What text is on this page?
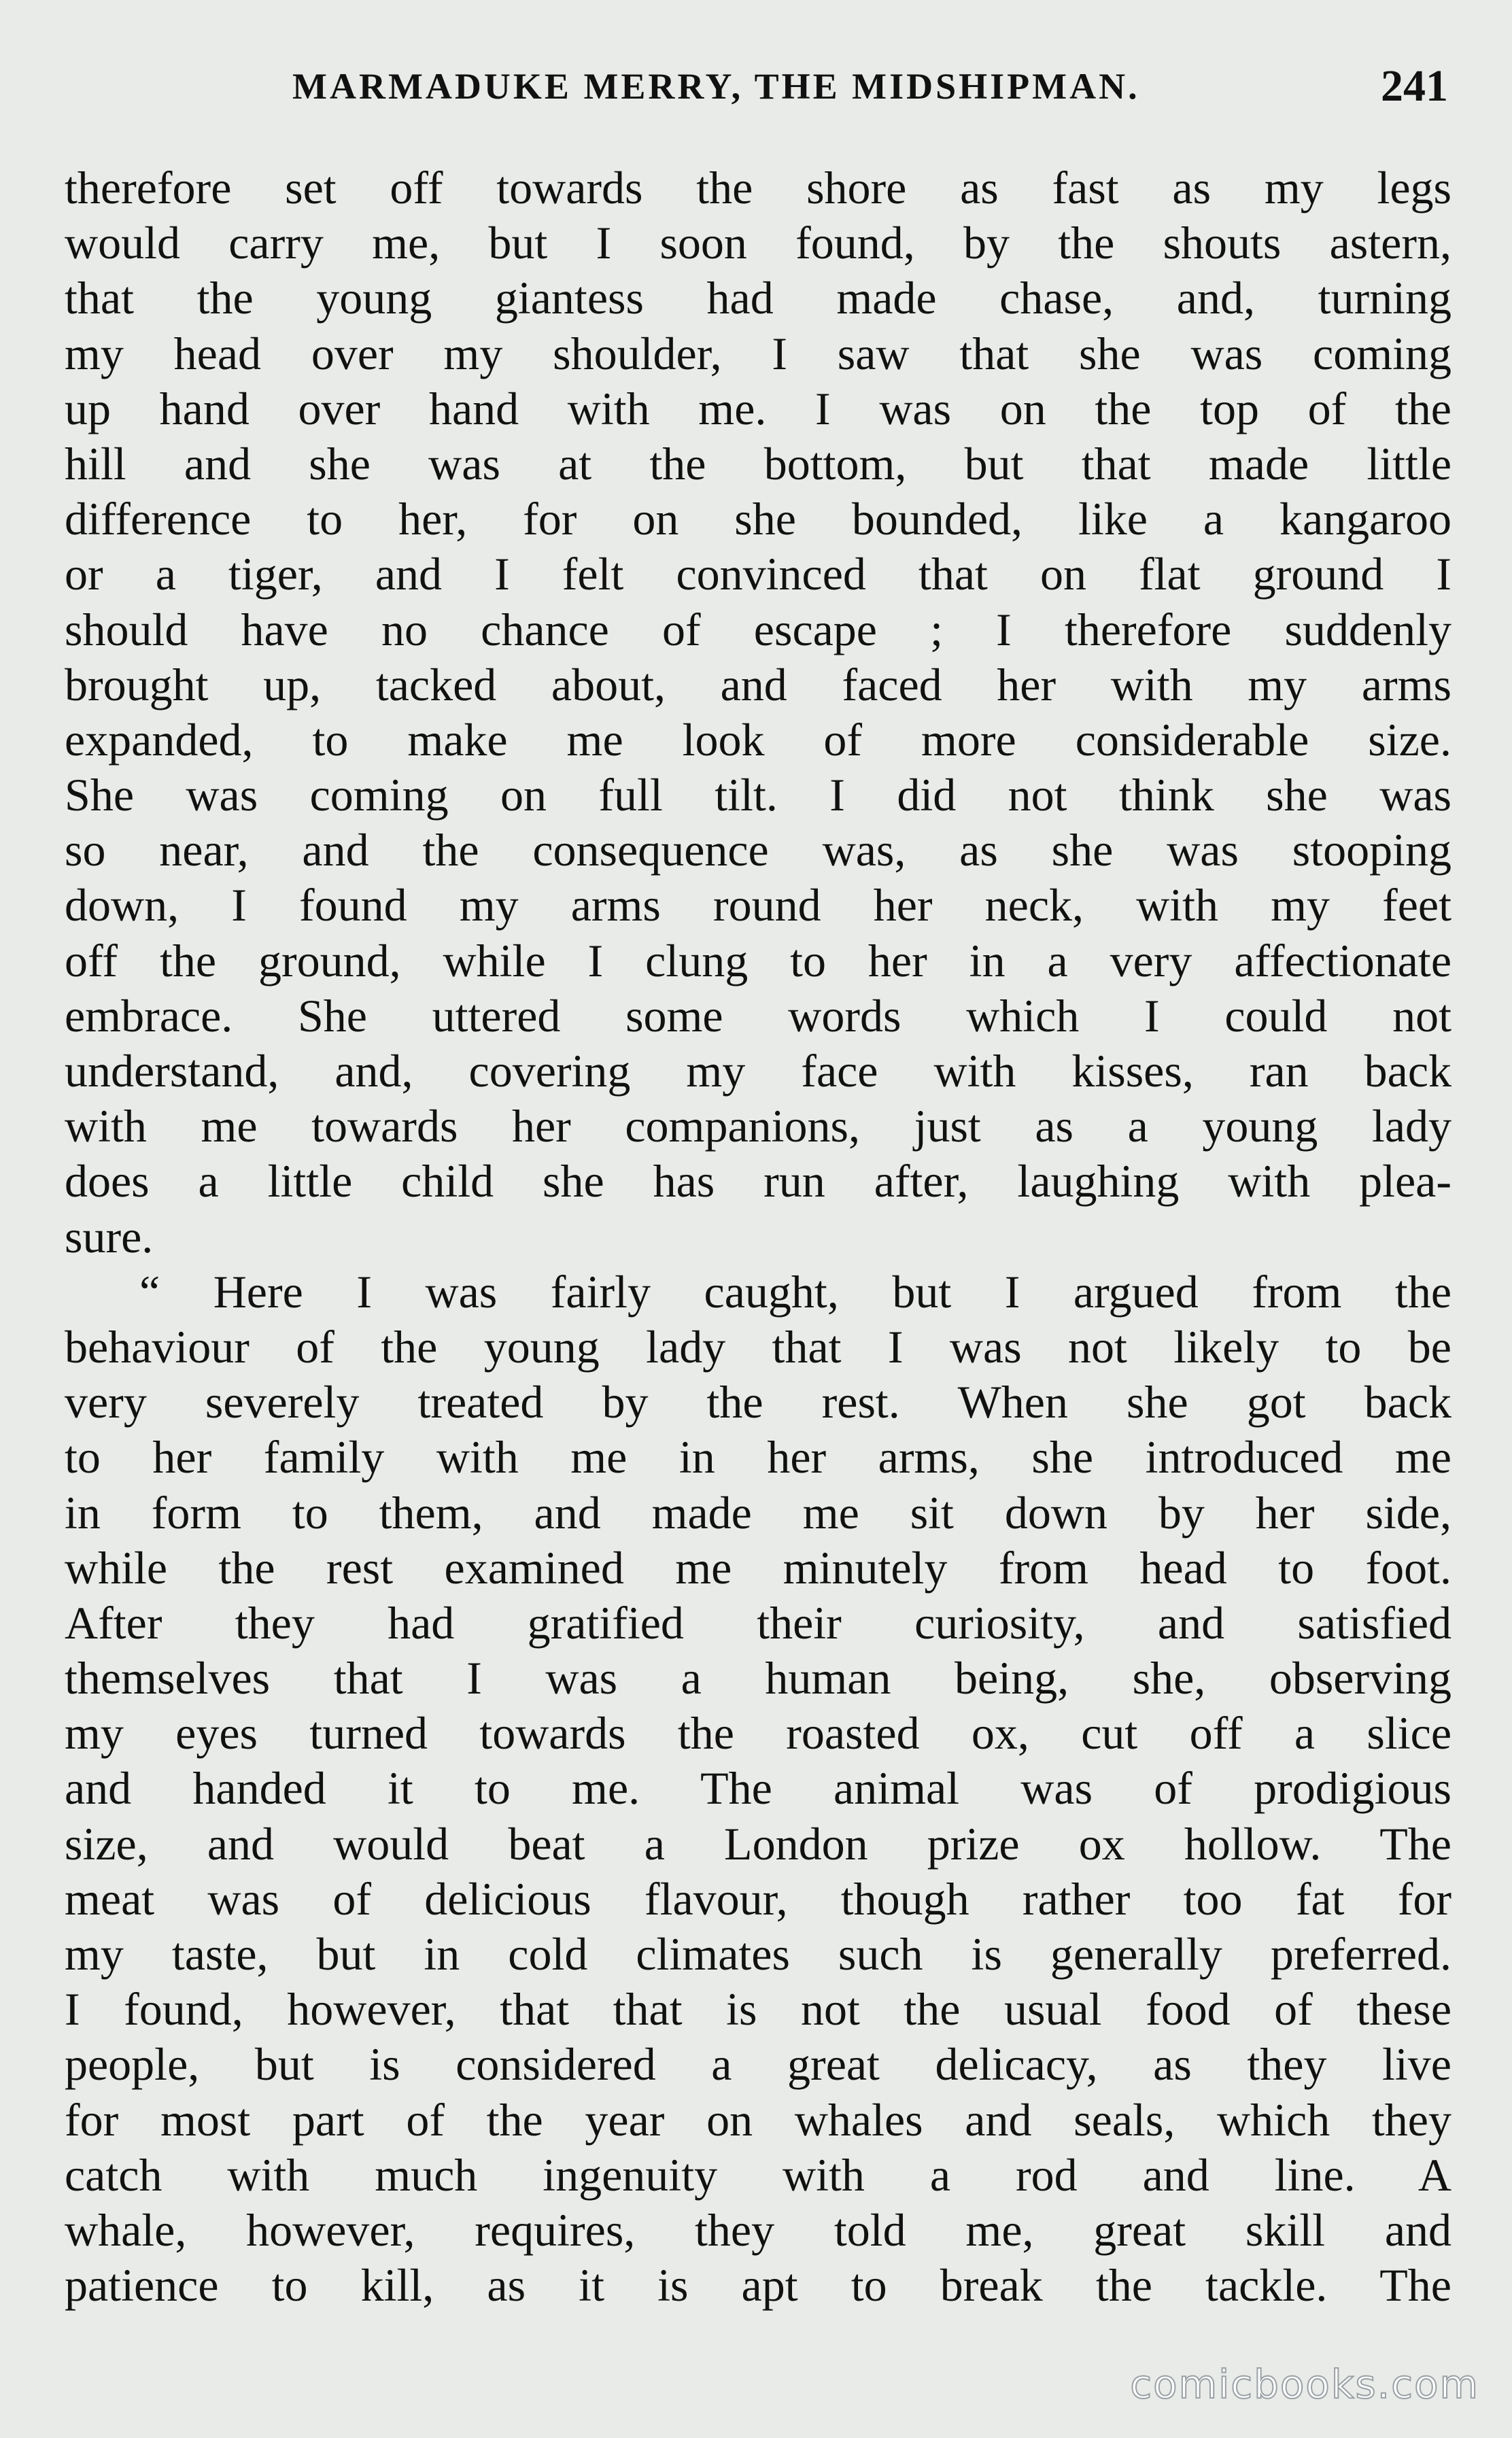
MARMADUKE MERRY, THE MIDSHIPMAN.	241
therefore set off towards the shore as fast as my legs
would carry me, but I soon found, by the shouts astern,
that the young giantess had made chase, and, turning
my head over my shoulder, I saw that she was coming
up hand over hand with me. I was on the top of the
hill and she was at the bottom, but that made little
difference to her, for on she bounded, like a kangaroo
or a tiger, and I felt convinced that on flat ground I
should have no chance of escape ; I therefore suddenly
brought up, tacked about, and faced her with my arms
expanded, to make me look of more considerable size.
She was coming on full tilt. I did not think she was
so near, and the consequence was, as she was stooping
down, I found my arms round her neck, with my feet
off the ground, while I clung to her in a very affectionate
embrace. She uttered some words which I could not
understand, and, covering my face with kisses, ran back
with me towards her companions, just as a young lady
does a little child she has run after, laughing with plea-
sure.
“ Here I was fairly caught, but I argued from the
behaviour of the young lady that I was not likely to be
very severely treated by the rest. When she got back
to her family with me in her arms, she introduced me
in form to them, and made me sit down by her side,
while the rest examined me minutely from head to foot.
After they had gratified their curiosity, and satisfied
themselves that I was a human being, she, observing
my eyes turned towards the roasted ox, cut off a slice
and handed it to me. The animal was of prodigious
size, and would beat a London prize ox hollow. The
meat was of delicious flavour, though rather too fat for
my taste, but in cold climates such is generally preferred.
I found, however, that that is not the usual food of these
people, but is considered a great delicacy, as they live
for most part of the year on whales and seals, which they
catch with much ingenuity with a rod and line. A
whale, however, requires, they told me, great skill and
patience to kill, as it is apt to break the tackle. The
comicbooks.com
